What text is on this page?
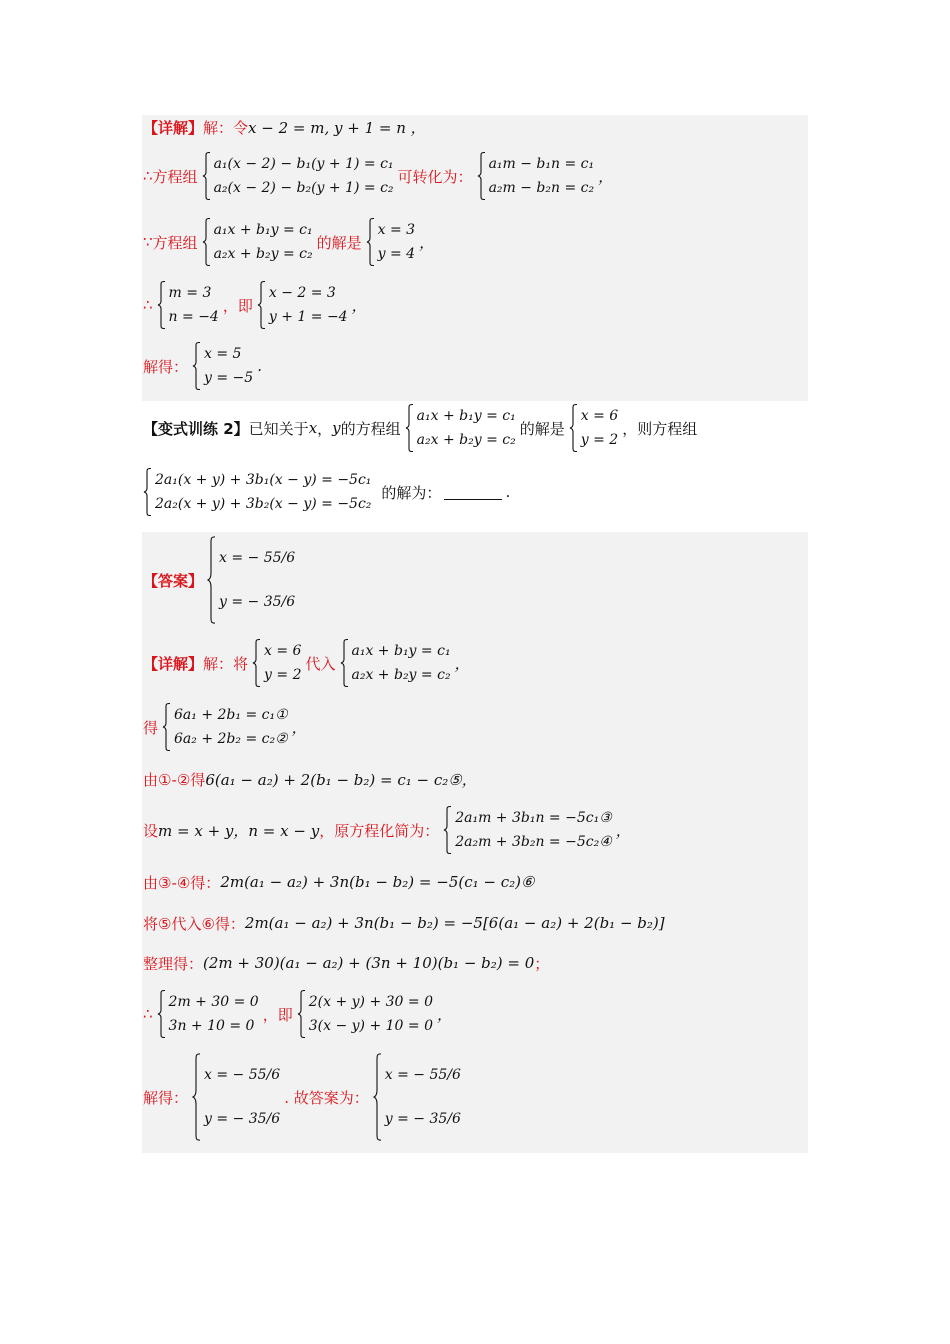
【详解】 解：令 x − 2 = m, y + 1 = n ，
∴ 方程组
a₁(x − 2) − b₁(y + 1) = c₁
a₂(x − 2) − b₂(y + 1) = c₂
可转化为：
a₁m − b₁n = c₁
a₂m − b₂n = c₂
，
∵ 方程组
a₁x + b₁y = c₁
a₂x + b₂y = c₂
的解是
x = 3
y = 4
，
∴
m = 3
n = −4
，即
x − 2 = 3
y + 1 = −4
，
解得：
x = 5
y = −5
.
【变式训练 2】 已知关于 x ， y 的方程组
a₁x + b₁y = c₁
a₂x + b₂y = c₂
的解是
x = 6
y = 2
，则方程组
2a₁(x + y) + 3b₁(x − y) = −5c₁
2a₂(x + y) + 3b₂(x − y) = −5c₂
的解为：	.
【答案】
x = − 55/6
y = − 35/6
【详解】 解：将
x = 6
y = 2
代入
a₁x + b₁y = c₁
a₂x + b₂y = c₂
，
得
6a₁ + 2b₁ = c₁①
6a₂ + 2b₂ = c₂②
，
由①-②得 6(a₁ − a₂) + 2(b₁ − b₂) = c₁ − c₂⑤，
设 m = x + y，n = x − y ，原方程化简为：
2a₁m + 3b₁n = −5c₁③
2a₂m + 3b₂n = −5c₂④
，
由③-④得： 2m(a₁ − a₂) + 3n(b₁ − b₂) = −5(c₁ − c₂)⑥
将⑤代入⑥得： 2m(a₁ − a₂) + 3n(b₁ − b₂) = −5[6(a₁ − a₂) + 2(b₁ − b₂)]
整理得： (2m + 30)(a₁ − a₂) + (3n + 10)(b₁ − b₂) = 0 ；
∴
2m + 30 = 0
3n + 10 = 0
，即
2(x + y) + 30 = 0
3(x − y) + 10 = 0
，
解得：
x = − 55/6
y = − 35/6
. 故答案为：
x = − 55/6
y = − 35/6
